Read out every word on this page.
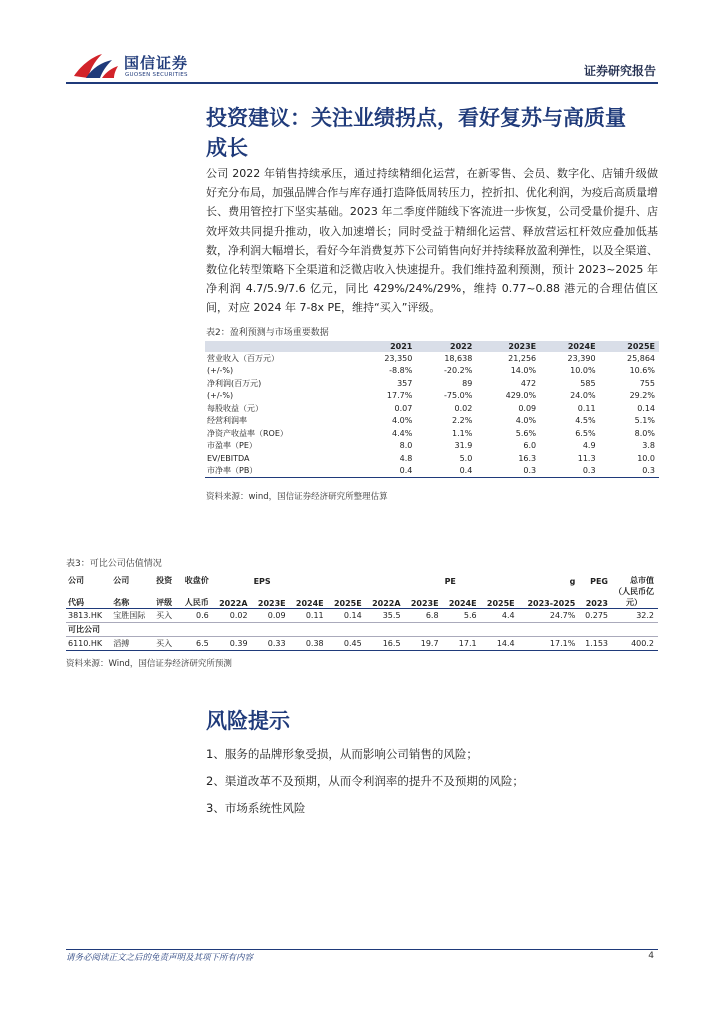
国信证券
GUOSEN SECURITIES	证券研究报告
投资建议：关注业绩拐点，看好复苏与高质量
成长

公司 2022 年销售持续承压，通过持续精细化运营，在新零售、会员、数字化、店铺升级做好充分布局，加强品牌合作与库存通打造降低周转压力，控折扣、优化利润，为疫后高质量增长、费用管控打下坚实基础。2023 年二季度伴随线下客流进一步恢复，公司受量价提升、店效坪效共同提升推动，收入加速增长；同时受益于精细化运营、释放营运杠杆效应叠加低基数，净利润大幅增长，看好今年消费复苏下公司销售向好并持续释放盈利弹性，以及全渠道、数位化转型策略下全渠道和泛微店收入快速提升。我们维持盈利预测，预计 2023~2025 年净利润 4.7/5.9/7.6 亿元，同比 429%/24%/29%，维持 0.77~0.88 港元的合理估值区间，对应 2024 年 7-8x PE，维持“买入”评级。

表2：盈利预测与市场重要数据
	2021	2022	2023E	2024E	2025E
营业收入（百万元）	23,350	18,638	21,256	23,390	25,864
(+/-%)	-8.8%	-20.2%	14.0%	10.0%	10.6%
净利润(百万元)	357	89	472	585	755
(+/-%)	17.7%	-75.0%	429.0%	24.0%	29.2%
每股收益（元）	0.07	0.02	0.09	0.11	0.14
经营利润率	4.0%	2.2%	4.0%	4.5%	5.1%
净资产收益率（ROE）	4.4%	1.1%	5.6%	6.5%	8.0%
市盈率（PE）	8.0	31.9	6.0	4.9	3.8
EV/EBITDA	4.8	5.0	16.3	11.3	10.0
市净率（PB）	0.4	0.4	0.3	0.3	0.3
资料来源：wind，国信证券经济研究所整理估算
表3：可比公司估值情况
公司	公司	投资	收盘价		EPS					PE		g	PEG	总市值
代码	名称	评级	人民币	2022A	2023E	2024E	2025E	2022A	2023E	2024E	2025E	2023-2025	2023	（人民币亿元）
3813.HK	宝胜国际	买入	0.6	0.02	0.09	0.11	0.14	35.5	6.8	5.6	4.4	24.7%	0.275	32.2
可比公司														
6110.HK	滔搏	买入	6.5	0.39	0.33	0.38	0.45	16.5	19.7	17.1	14.4	17.1%	1.153	400.2
资料来源：Wind，国信证券经济研究所预测
风险提示
1、服务的品牌形象受损，从而影响公司销售的风险；
2、渠道改革不及预期，从而令利润率的提升不及预期的风险；
3、市场系统性风险
请务必阅读正文之后的免责声明及其项下所有内容	4
